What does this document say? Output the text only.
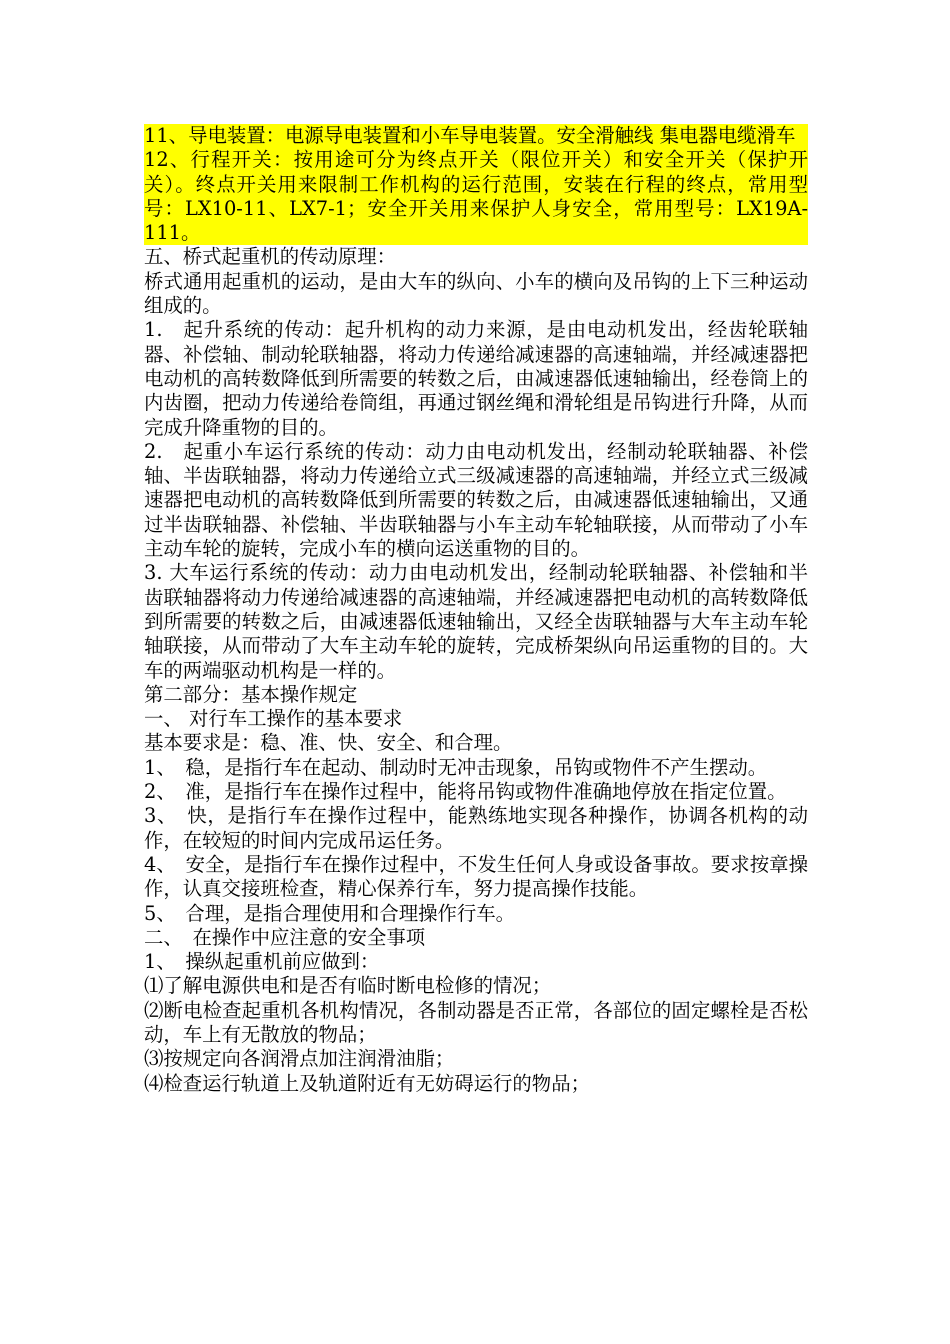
11、导电装置：电源导电装置和小车导电装置。安全滑触线 集电器电缆滑车

12、行程开关：按用途可分为终点开关（限位开关）和安全开关（保护开关）。终点开关用来限制工作机构的运行范围，安装在行程的终点，常用型号：LX10-11、LX7-1；安全开关用来保护人身安全，常用型号：LX19A-111。

五、桥式起重机的传动原理：

桥式通用起重机的运动，是由大车的纵向、小车的横向及吊钩的上下三种运动组成的。

1.　起升系统的传动：起升机构的动力来源，是由电动机发出，经齿轮联轴器、补偿轴、制动轮联轴器，将动力传递给减速器的高速轴端，并经减速器把电动机的高转数降低到所需要的转数之后，由减速器低速轴输出，经卷筒上的内齿圈，把动力传递给卷筒组，再通过钢丝绳和滑轮组是吊钩进行升降，从而完成升降重物的目的。

2.　起重小车运行系统的传动：动力由电动机发出，经制动轮联轴器、补偿轴、半齿联轴器，将动力传递给立式三级减速器的高速轴端，并经立式三级减速器把电动机的高转数降低到所需要的转数之后，由减速器低速轴输出，又通过半齿联轴器、补偿轴、半齿联轴器与小车主动车轮轴联接，从而带动了小车主动车轮的旋转，完成小车的横向运送重物的目的。

3. 大车运行系统的传动：动力由电动机发出，经制动轮联轴器、补偿轴和半齿联轴器将动力传递给减速器的高速轴端，并经减速器把电动机的高转数降低到所需要的转数之后，由减速器低速轴输出，又经全齿联轴器与大车主动车轮轴联接，从而带动了大车主动车轮的旋转，完成桥架纵向吊运重物的目的。大车的两端驱动机构是一样的。

第二部分：基本操作规定

一、 对行车工操作的基本要求

基本要求是：稳、准、快、安全、和合理。

1、　稳，是指行车在起动、制动时无冲击现象，吊钩或物件不产生摆动。

2、　准，是指行车在操作过程中，能将吊钩或物件准确地停放在指定位置。

3、　快，是指行车在操作过程中，能熟练地实现各种操作，协调各机构的动作，在较短的时间内完成吊运任务。

4、　安全，是指行车在操作过程中，不发生任何人身或设备事故。要求按章操作，认真交接班检查，精心保养行车，努力提高操作技能。

5、　合理，是指合理使用和合理操作行车。

二、　在操作中应注意的安全事项

1、　操纵起重机前应做到：

⑴了解电源供电和是否有临时断电检修的情况；

⑵断电检查起重机各机构情况，各制动器是否正常，各部位的固定螺栓是否松动，车上有无散放的物品；

⑶按规定向各润滑点加注润滑油脂；

⑷检查运行轨道上及轨道附近有无妨碍运行的物品；
